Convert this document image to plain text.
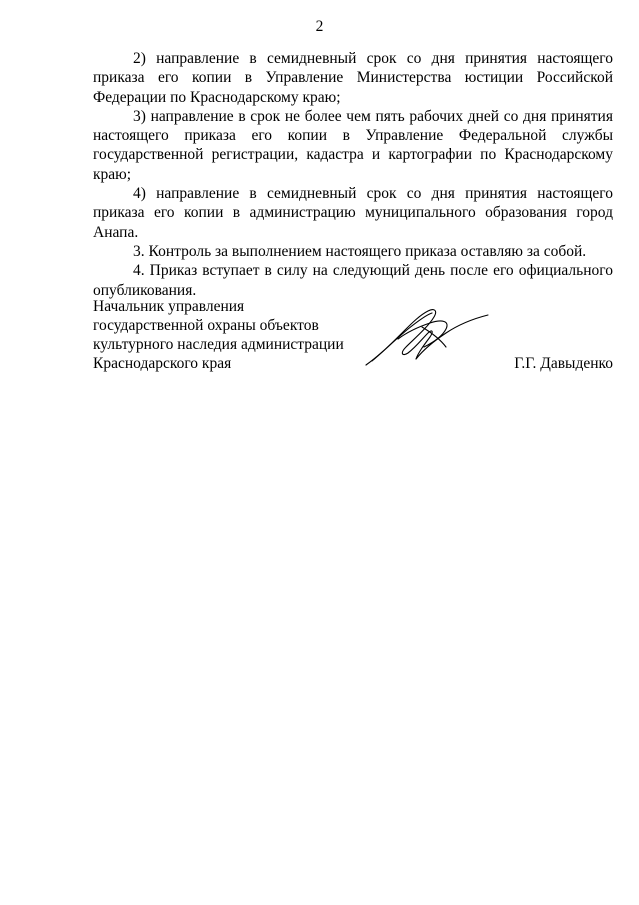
2

2) направление в семидневный срок со дня принятия настоящего приказа его копии в Управление Министерства юстиции Российской Федерации по Краснодарскому краю;

3) направление в срок не более чем пять рабочих дней со дня принятия настоящего приказа его копии в Управление Федеральной службы государственной регистрации, кадастра и картографии по Краснодарскому краю;

4) направление в семидневный срок со дня принятия настоящего приказа его копии в администрацию муниципального образования город Анапа.

3. Контроль за выполнением настоящего приказа оставляю за собой.

4. Приказ вступает в силу на следующий день после его официального опубликования.

Начальник управления
государственной охраны объектов
культурного наследия администрации
Краснодарского края	Г.Г. Давыденко
